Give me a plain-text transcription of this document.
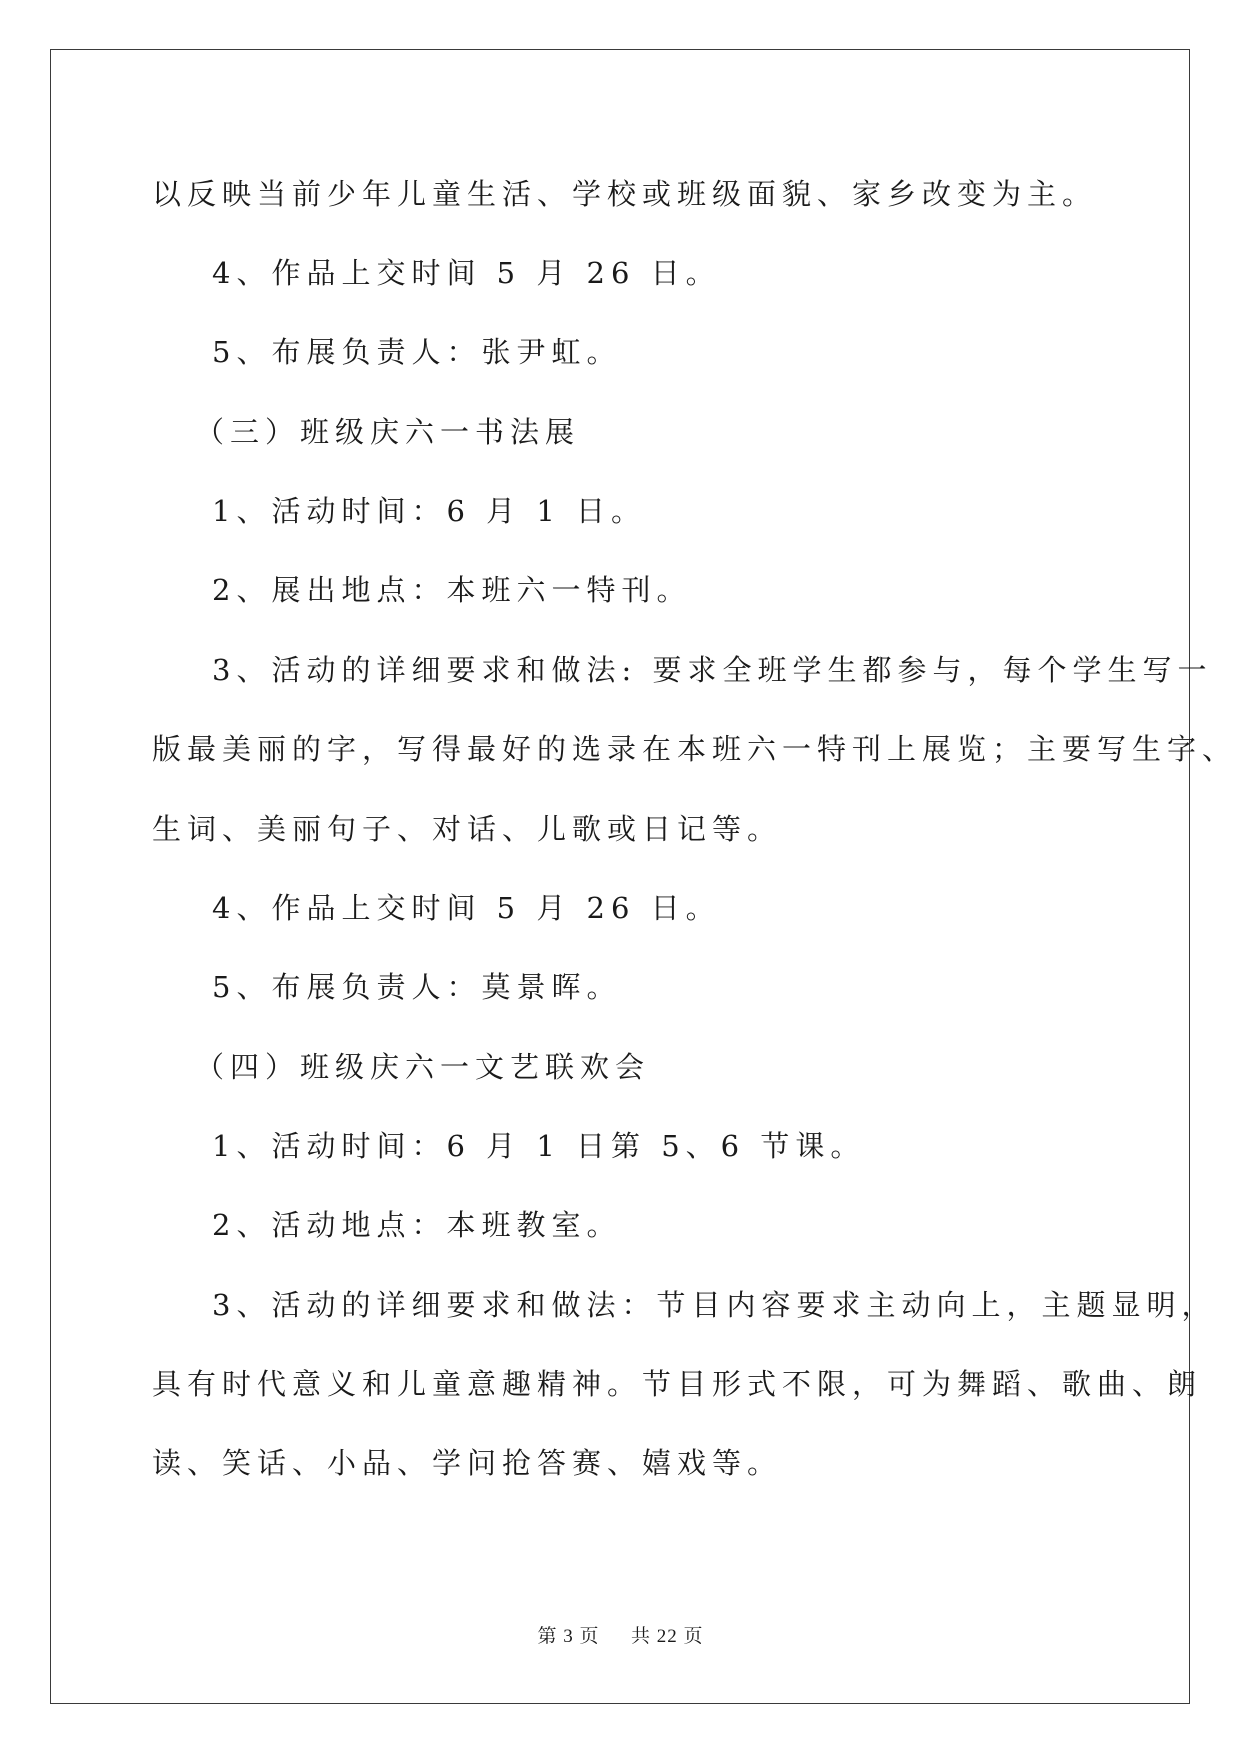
以反映当前少年儿童生活、学校或班级面貌、家乡改变为主。
4、作品上交时间 5 月 26 日。
5、布展负责人：张尹虹。
（三）班级庆六一书法展
1、活动时间：6 月 1 日。
2、展出地点：本班六一特刊。
3、活动的详细要求和做法: 要求全班学生都参与，每个学生写一
版最美丽的字，写得最好的选录在本班六一特刊上展览；主要写生字、
生词、美丽句子、对话、儿歌或日记等。
4、作品上交时间 5 月 26 日。
5、布展负责人：莫景晖。
（四）班级庆六一文艺联欢会
1、活动时间：6 月 1 日第 5、6 节课。
2、活动地点：本班教室。
3、活动的详细要求和做法：节目内容要求主动向上，主题显明，
具有时代意义和儿童意趣精神。节目形式不限，可为舞蹈、歌曲、朗
读、笑话、小品、学问抢答赛、嬉戏等。
第 3 页 共 22 页
